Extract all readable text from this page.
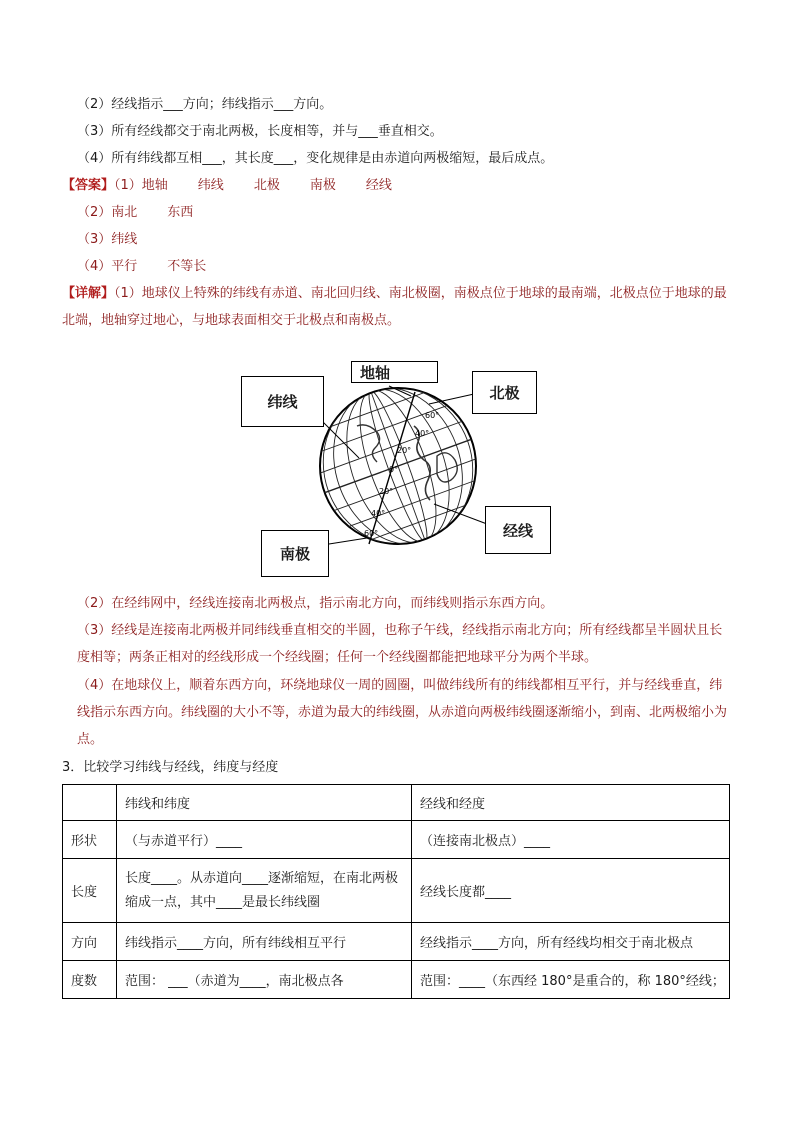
（2）经线指示___方向；纬线指示___方向。
（3）所有经线都交于南北两极，长度相等，并与___垂直相交。
（4）所有纬线都互相___，其长度___，变化规律是由赤道向两极缩短，最后成点。
【答案】（1）地轴 纬线 北极 南极 经线
（2）南北 东西
（3）纬线
（4）平行 不等长
【详解】（1）地球仪上特殊的纬线有赤道、南北回归线、南北极圈，南极点位于地球的最南端，北极点位于地球的最北端，地轴穿过地心，与地球表面相交于北极点和南极点。
60°
40°
20°
0°
20°
40°
60°
纬线
地轴
北极
南极
经线
（2）在经纬网中，经线连接南北两极点，指示南北方向，而纬线则指示东西方向。
（3）经线是连接南北两极并同纬线垂直相交的半圆，也称子午线，经线指示南北方向；所有经线都呈半圆状且长度相等；两条正相对的经线形成一个经线圈；任何一个经线圈都能把地球平分为两个半球。
（4）在地球仪上，顺着东西方向，环绕地球仪一周的圆圈，叫做纬线所有的纬线都相互平行，并与经线垂直，纬线指示东西方向。纬线圈的大小不等，赤道为最大的纬线圈，从赤道向两极纬线圈逐渐缩小，到南、北两极缩小为点。
3．比较学习纬线与经线，纬度与经度
	纬线和纬度	经线和经度
形状	（与赤道平行）____	（连接南北极点）____
长度	长度____。从赤道向____逐渐缩短，在南北两极缩成一点，其中____是最长纬线圈	经线长度都____
方向	纬线指示____方向，所有纬线相互平行	经线指示____方向，所有经线均相交于南北极点
度数	范围： ___（赤道为____，南北极点各	范围：____（东西经 180°是重合的，称 180°经线；
